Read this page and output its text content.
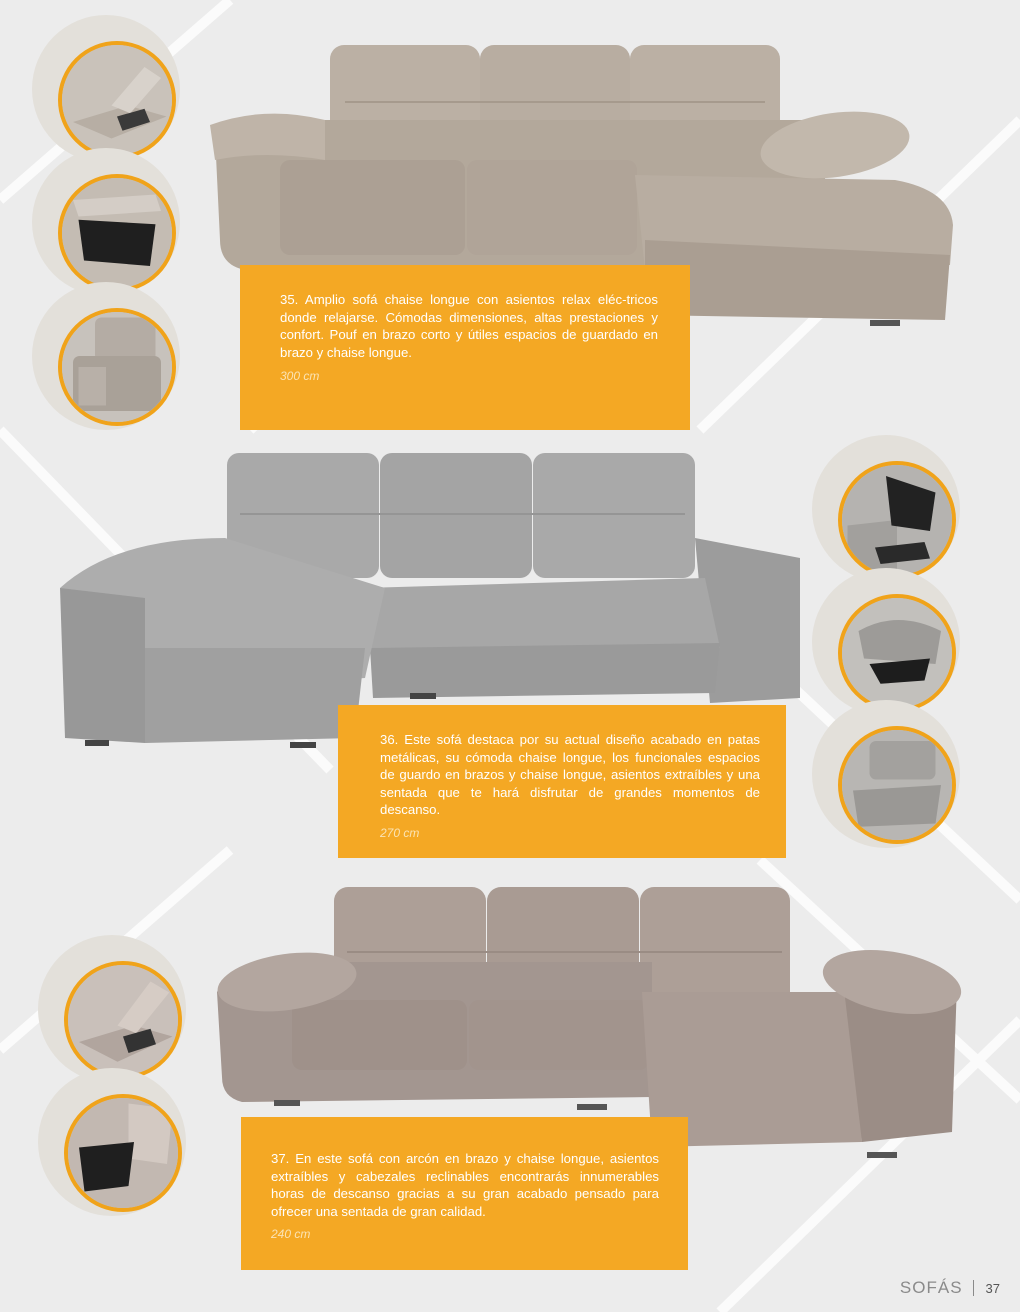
35. Amplio sofá chaise longue con asientos relax eléc-tricos donde relajarse. Cómodas dimensiones, altas prestaciones y confort. Pouf en brazo corto y útiles espacios de guardado en brazo y chaise longue.
300 cm
36. Este sofá destaca por su actual diseño acabado en patas metálicas, su cómoda chaise longue, los funcionales espacios de guardo en brazos y chaise longue, asientos extraíbles y una sentada que te hará disfrutar de grandes momentos de descanso.
270 cm
37. En este sofá con arcón en brazo y chaise longue, asientos extraíbles y cabezales reclinables encontrarás innumerables horas de descanso gracias a su gran acabado pensado para ofrecer una sentada de gran calidad.
240 cm
SOFÁS 37
